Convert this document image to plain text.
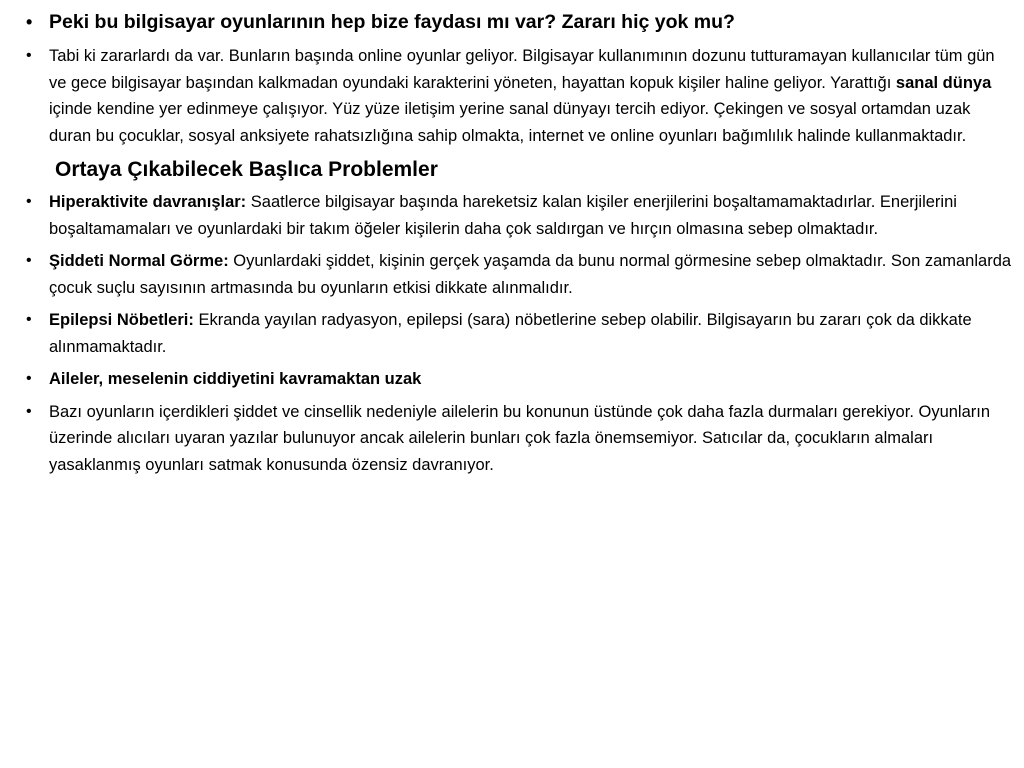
• Peki bu bilgisayar oyunlarının hep bize faydası mı var? Zararı hiç yok mu?
• Tabi ki zararlardı da var. Bunların başında online oyunlar geliyor. Bilgisayar kullanımının dozunu tutturamayan kullanıcılar tüm gün ve gece bilgisayar başından kalkmadan oyundaki karakterini yöneten, hayattan kopuk kişiler haline geliyor. Yarattığı sanal dünya içinde kendine yer edinmeye çalışıyor. Yüz yüze iletişim yerine sanal dünyayı tercih ediyor. Çekingen ve sosyal ortamdan uzak duran bu çocuklar, sosyal anksiyete rahatsızlığına sahip olmakta, internet ve online oyunları bağımlılık halinde kullanmaktadır.
Ortaya Çıkabilecek Başlıca Problemler
• Hiperaktivite davranışlar: Saatlerce bilgisayar başında hareketsiz kalan kişiler enerjilerini boşaltamamaktadırlar. Enerjilerini boşaltamamaları ve oyunlardaki bir takım öğeler kişilerin daha çok saldırgan ve hırçın olmasına sebep olmaktadır.
• Şiddeti Normal Görme: Oyunlardaki şiddet, kişinin gerçek yaşamda da bunu normal görmesine sebep olmaktadır. Son zamanlarda çocuk suçlu sayısının artmasında bu oyunların etkisi dikkate alınmalıdır.
• Epilepsi Nöbetleri: Ekranda yayılan radyasyon, epilepsi (sara) nöbetlerine sebep olabilir. Bilgisayarın bu zararı çok da dikkate alınmamaktadır.
• Aileler, meselenin ciddiyetini kavramaktan uzak
• Bazı oyunların içerdikleri şiddet ve cinsellik nedeniyle ailelerin bu konunun üstünde çok daha fazla durmaları gerekiyor. Oyunların üzerinde alıcıları uyaran yazılar bulunuyor ancak ailelerin bunları çok fazla önemsemiyor. Satıcılar da, çocukların almaları yasaklanmış oyunları satmak konusunda özensiz davranıyor.
